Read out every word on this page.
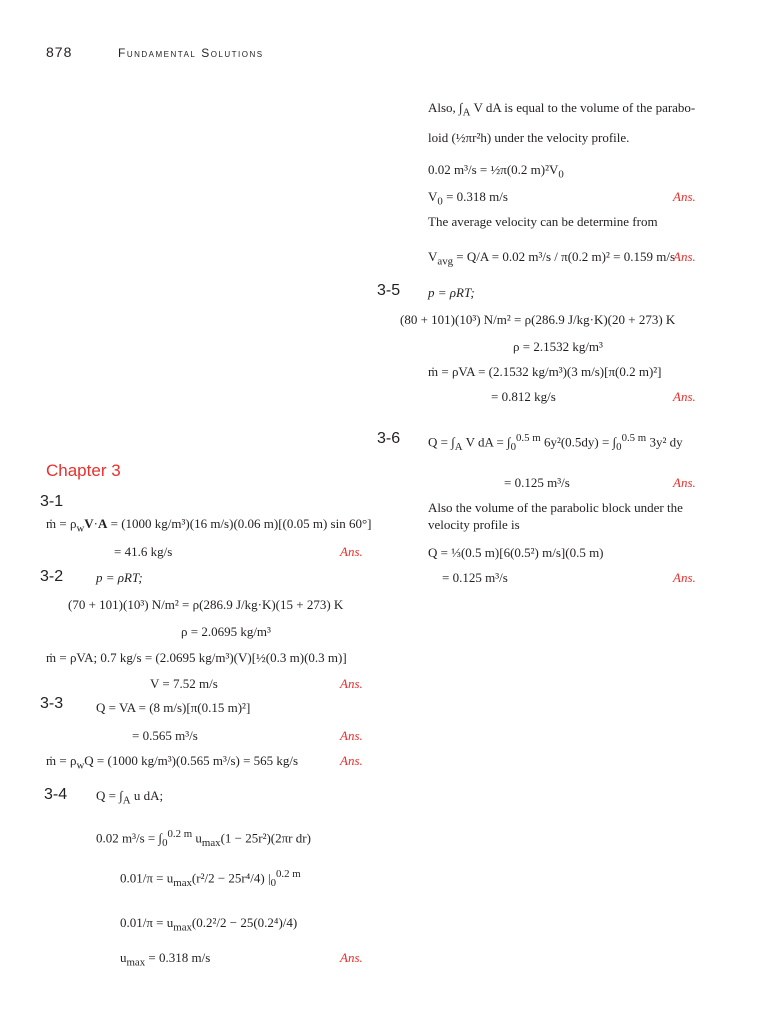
878	Fundamental Solutions
Chapter 3
3-1
ṁ = $\rho_wV\cdot A = (1000$ kg/m³)(16 m/s)(0.06 m)[(0.05 m) sin 60°]
= 41.6 kg/s	Ans.
3-2	p = ρRT;
(70 + 101)(10³) N/m² = ρ(286.9 J/kg·K)(15 + 273) K
ρ = 2.0695 kg/m³
ṁ = ρVA; 0.7 kg/s = (2.0695 kg/m³)(V)[½(0.3 m)(0.3 m)]
V = 7.52 m/s	Ans.
3-3	Q = VA = (8 m/s)[π(0.15 m)²]
= 0.565 m³/s	Ans.
ṁ = $\rho_wQ = (1000$ kg/m³)(0.565 m³/s) = 565 kg/s	Ans.
3-4 $Q = \int_A$ u dA;
0.02 $m^3/s = \int_0^{0.2 m}$ $u_{max}(1 - 25r^2)(2\pi r$ dr)
$0.01/\pi = u_{max}(r^2/2 - 25r^4/4)$ $|_0^{0.2 m}$
$0.01/\pi = u_{max}(0.2^2/2 - 25(0.2^4)/4)$
$u_{max} = 0.318$ m/s	Ans.
Also, $\int_A$ V dA is equal to the volume of the parabo-
loid (½πr²h) under the velocity profile.
0.02 m³/s = ½π(0.2 $m)^2V_0$
$V_0 = 0.318$ m/s	Ans.
The average velocity can be determine from
$V_{avg} = Q/A = 0.02$ m³/s / π(0.2 m)² = 0.159 m/s
Ans.
3-5 p = ρRT;
(80 + 101)(10³) N/m² = ρ(286.9 J/kg·K)(20 + 273) K
ρ = 2.1532 kg/m³
ṁ = ρVA = (2.1532 kg/m³)(3 m/s)[π(0.2 m)²]
= 0.812 kg/s	Ans.
3-6 $Q = \int_A$ V dA = $\int_0^{0.5 m}$ $6y^2(0.5dy) = \int_0^{0.5 m}$ 3y² dy
= 0.125 m³/s	Ans.
Also the volume of the parabolic block under the
velocity profile is
Q = ⅓(0.5 m)[6(0.5²) m/s](0.5 m)
= 0.125 m³/s	Ans.
